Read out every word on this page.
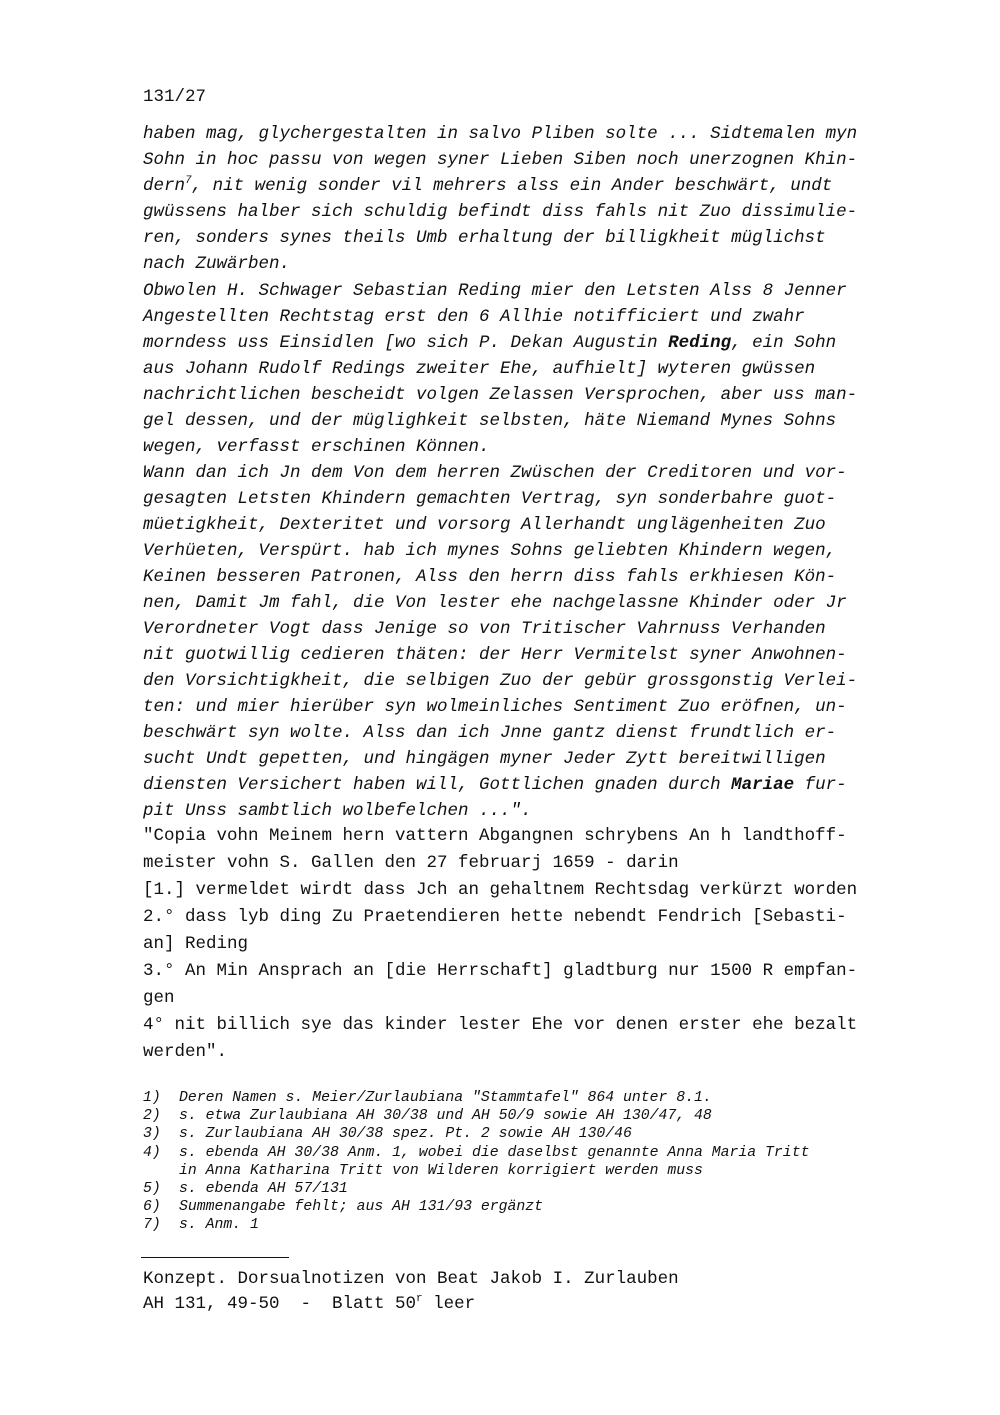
131/27
haben mag, glychergestalten in salvo Pliben solte ... Sidtemalen myn
Sohn in hoc passu von wegen syner Lieben Siben noch unerzognen Khin-
dern$^7$, nit wenig sonder vil mehrers alss ein Ander beschwärt, undt
gwüssens halber sich schuldig befindt diss fahls nit Zuo dissimulie-
ren, sonders synes theils Umb erhaltung der billigkheit müglichst
nach Zuwärben.
Obwolen H. Schwager Sebastian Reding mier den Letsten Alss 8 Jenner
Angestellten Rechtstag erst den 6 Allhie notifficiert und zwahr
morndess uss Einsidlen [wo sich P. Dekan Augustin Reding, ein Sohn
aus Johann Rudolf Redings zweiter Ehe, aufhielt] wyteren gwüssen
nachrichtlichen bescheidt volgen Zelassen Versprochen, aber uss man-
gel dessen, und der müglighkeit selbsten, häte Niemand Mynes Sohns
wegen, verfasst erschinen Können.
Wann dan ich Jn dem Von dem herren Zwüschen der Creditoren und vor-
gesagten Letsten Khindern gemachten Vertrag, syn sonderbahre guot-
müetigkheit, Dexteritet und vorsorg Allerhandt unglägenheiten Zuo
Verhüeten, Verspürt. hab ich mynes Sohns geliebten Khindern wegen,
Keinen besseren Patronen, Alss den herrn diss fahls erkhiesen Kön-
nen, Damit Jm fahl, die Von lester ehe nachgelassne Khinder oder Jr
Verordneter Vogt dass Jenige so von Tritischer Vahrnuss Verhanden
nit guotwillig cedieren thäten: der Herr Vermitelst syner Anwohnen-
den Vorsichtigkheit, die selbigen Zuo der gebür grossgonstig Verlei-
ten: und mier hierüber syn wolmeinliches Sentiment Zuo eröfnen, un-
beschwärt syn wolte. Alss dan ich Jnne gantz dienst frundtlich er-
sucht Undt gepetten, und hingägen myner Jeder Zytt bereitwilligen
diensten Versichert haben will, Gottlichen gnaden durch Mariae fur-
pit Unss sambtlich wolbefelchen ...".
"Copia vohn Meinem hern vattern Abgangnen schrybens An h landthoff-
meister vohn S. Gallen den 27 februarj 1659 - darin
[1.] vermeldet wirdt dass Jch an gehaltnem Rechtsdag verkürzt worden
2.° dass lyb ding Zu Praetendieren hette nebendt Fendrich [Sebasti-
an] Reding
3.° An Min Ansprach an [die Herrschaft] gladtburg nur 1500 R empfan-
gen
4° nit billich sye das kinder lester Ehe vor denen erster ehe bezalt
werden".
1) Deren Namen s. Meier/Zurlaubiana "Stammtafel" 864 unter 8.1.
2) s. etwa Zurlaubiana AH 30/38 und AH 50/9 sowie AH 130/47, 48
3) s. Zurlaubiana AH 30/38 spez. Pt. 2 sowie AH 130/46
4) s. ebenda AH 30/38 Anm. 1, wobei die daselbst genannte Anna Maria Tritt
in Anna Katharina Tritt von Wilderen korrigiert werden muss
5) s. ebenda AH 57/131
6) Summenangabe fehlt; aus AH 131/93 ergänzt
7) s. Anm. 1
Konzept. Dorsualnotizen von Beat Jakob I. Zurlauben
AH 131, 49-50  -  Blatt 50$^r$ leer
